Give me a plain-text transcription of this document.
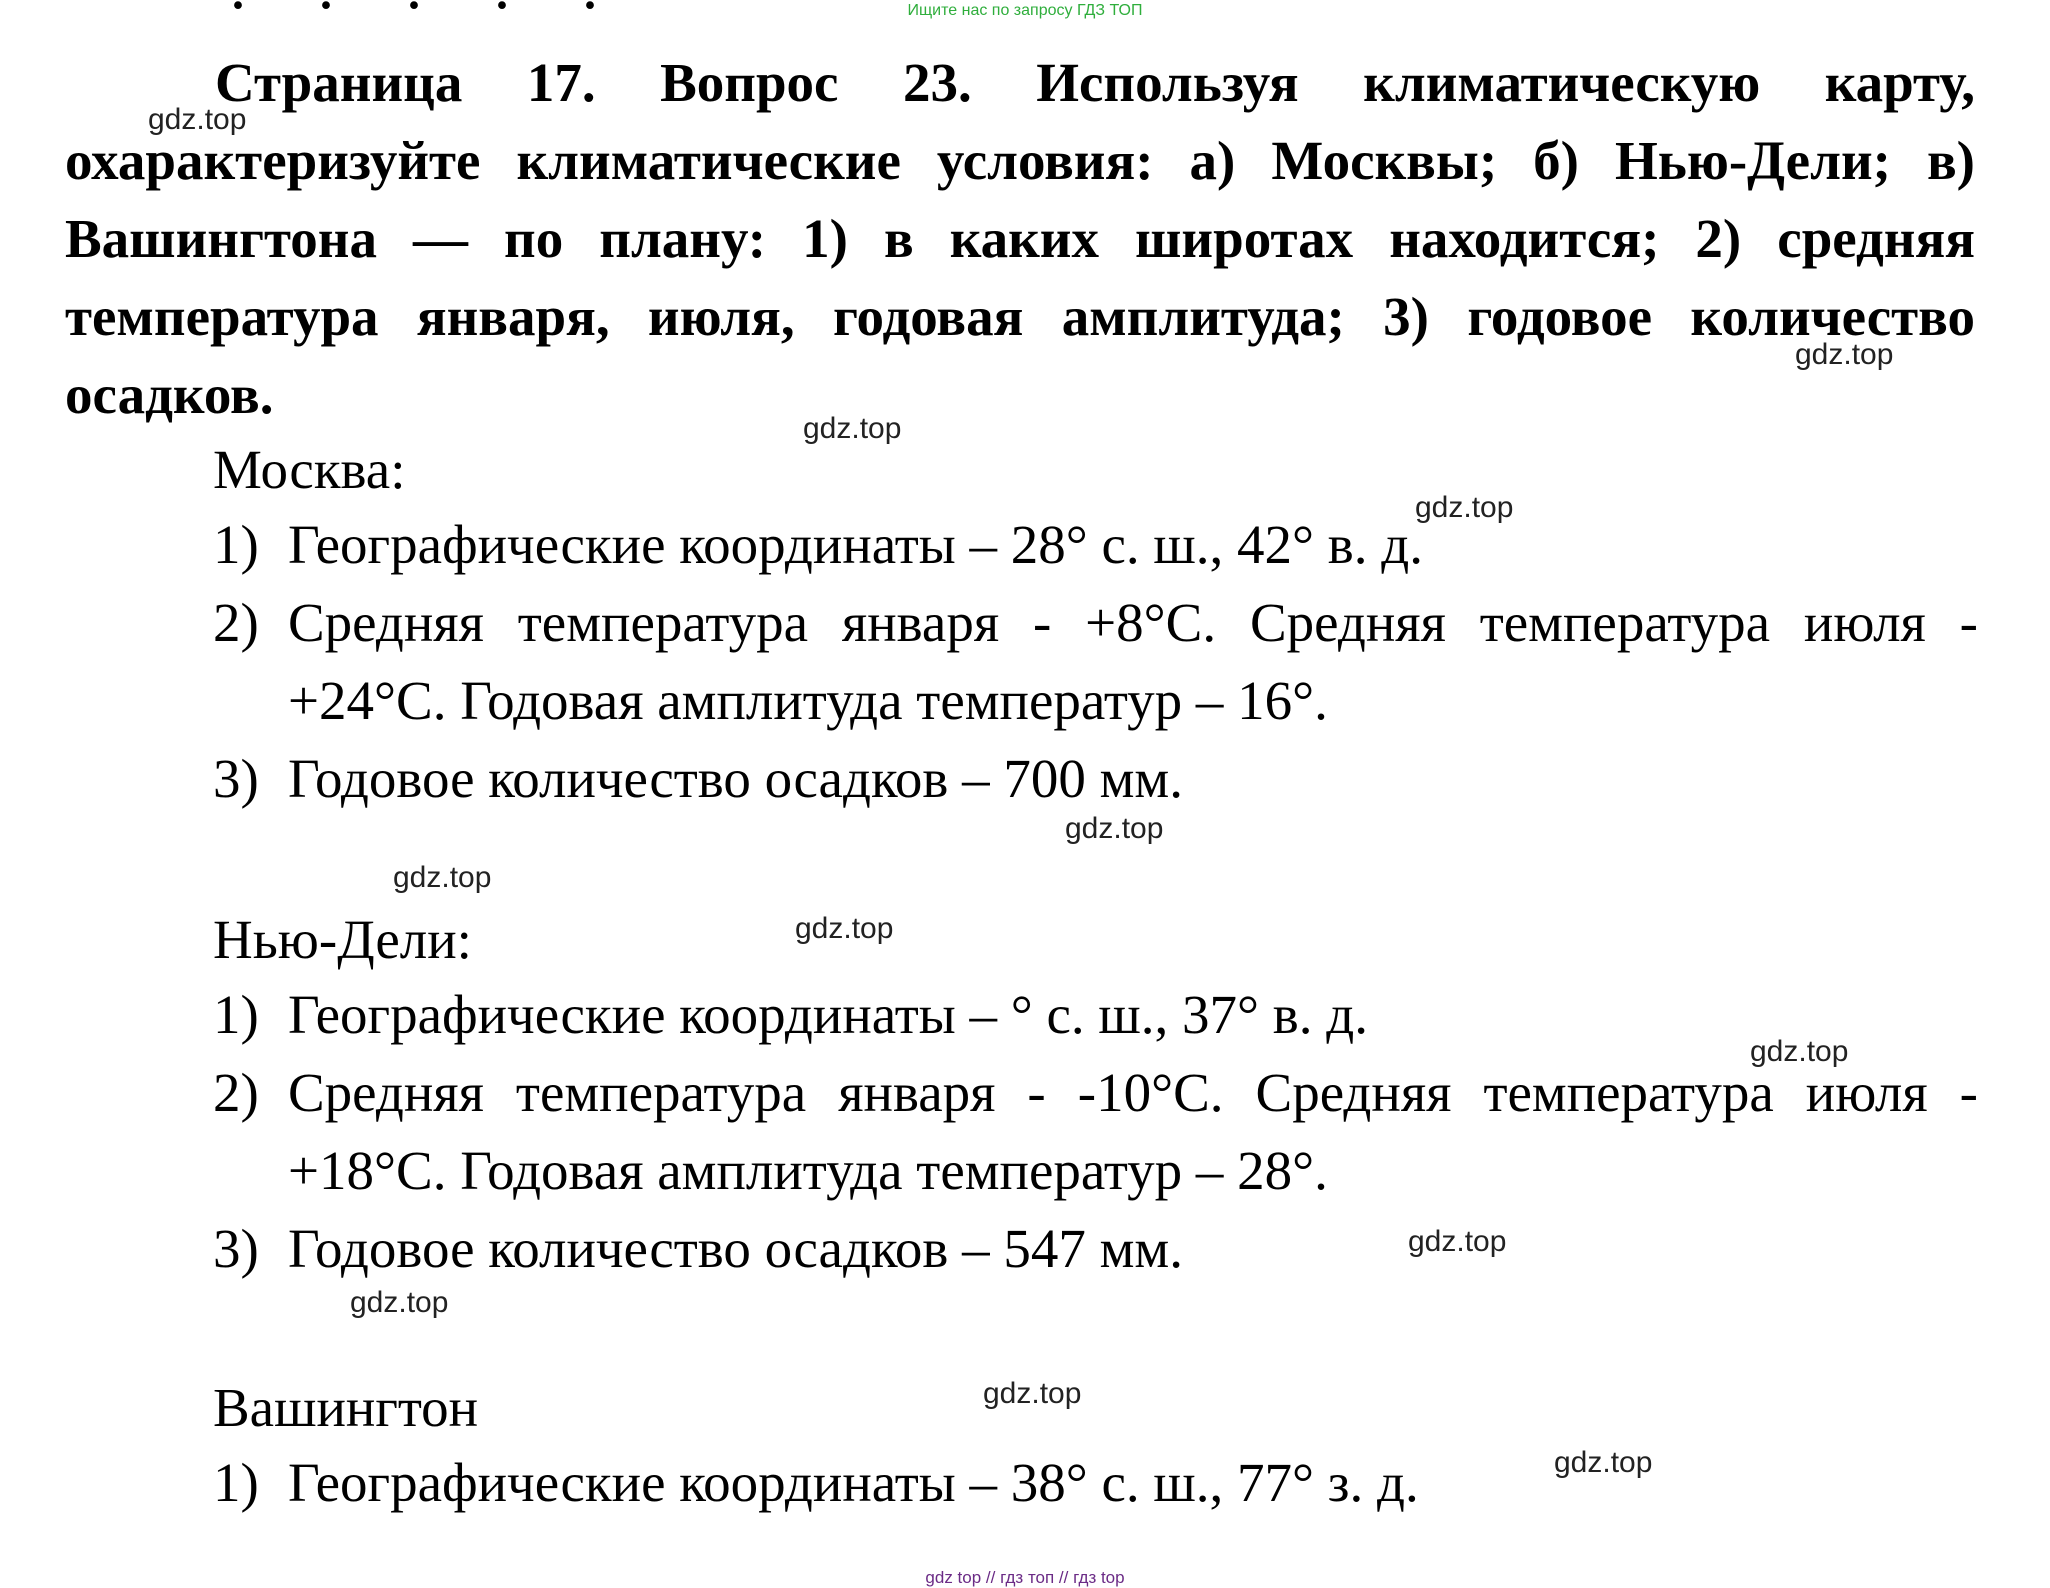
Ищите нас по запросу ГДЗ ТОП
· · · · ·
Страница 17. Вопрос 23. Используя климатическую карту, охарактеризуйте климатические условия: а) Москвы; б) Нью-Дели; в) Вашингтона — по плану: 1) в каких широтах находится; 2) средняя температура января, июля, годовая амплитуда; 3) годовое количество осадков.
Москва:
1) Географические координаты – 28° с. ш., 42° в. д.
2) Средняя температура января - +8°С. Средняя температура июля - +24°С. Годовая амплитуда температур – 16°.
3) Годовое количество осадков – 700 мм.
Нью-Дели:
1) Географические координаты – ° с. ш., 37° в. д.
2) Средняя температура января - -10°С. Средняя температура июля - +18°С. Годовая амплитуда температур – 28°.
3) Годовое количество осадков – 547 мм.
Вашингтон
1) Географические координаты – 38° с. ш., 77° з. д.
gdz.top
gdz.top
gdz.top
gdz.top
gdz.top
gdz.top
gdz.top
gdz.top
gdz.top
gdz.top
gdz.top
gdz.top
gdz top // гдз топ // гдз top
